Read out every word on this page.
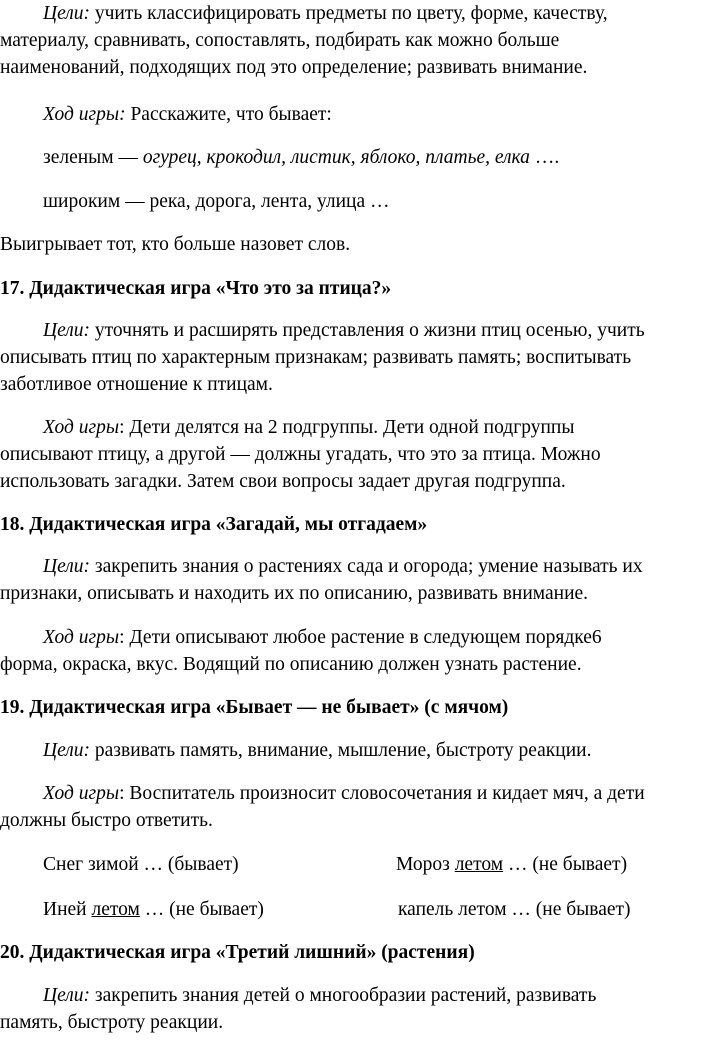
Цели: учить классифицировать предметы по цвету, форме, качеству,
материалу, сравнивать, сопоставлять, подбирать как можно больше
наименований, подходящих под это определение; развивать внимание.

Ход игры: Расскажите, что бывает:

зеленым — огурец, крокодил, листик, яблоко, платье, елка ….

широким — река, дорога, лента, улица …

Выигрывает тот, кто больше назовет слов.

17. Дидактическая игра «Что это за птица?»

Цели: уточнять и расширять представления о жизни птиц осенью, учить
описывать птиц по характерным признакам; развивать память; воспитывать
заботливое отношение к птицам.

Ход игры: Дети делятся на 2 подгруппы. Дети одной подгруппы
описывают птицу, а другой — должны угадать, что это за птица. Можно
использовать загадки. Затем свои вопросы задает другая подгруппа.

18. Дидактическая игра «Загадай, мы отгадаем»

Цели: закрепить знания о растениях сада и огорода; умение называть их
признаки, описывать и находить их по описанию, развивать внимание.

Ход игры: Дети описывают любое растение в следующем порядке6
форма, окраска, вкус. Водящий по описанию должен узнать растение.

19. Дидактическая игра «Бывает — не бывает» (с мячом)

Цели: развивать память, внимание, мышление, быстроту реакции.

Ход игры: Воспитатель произносит словосочетания и кидает мяч, а дети
должны быстро ответить.

Снег зимой … (бывает)	Мороз летом … (не бывает)
Иней летом … (не бывает)	капель летом … (не бывает)

20. Дидактическая игра «Третий лишний» (растения)

Цели: закрепить знания детей о многообразии растений, развивать
память, быстроту реакции.
